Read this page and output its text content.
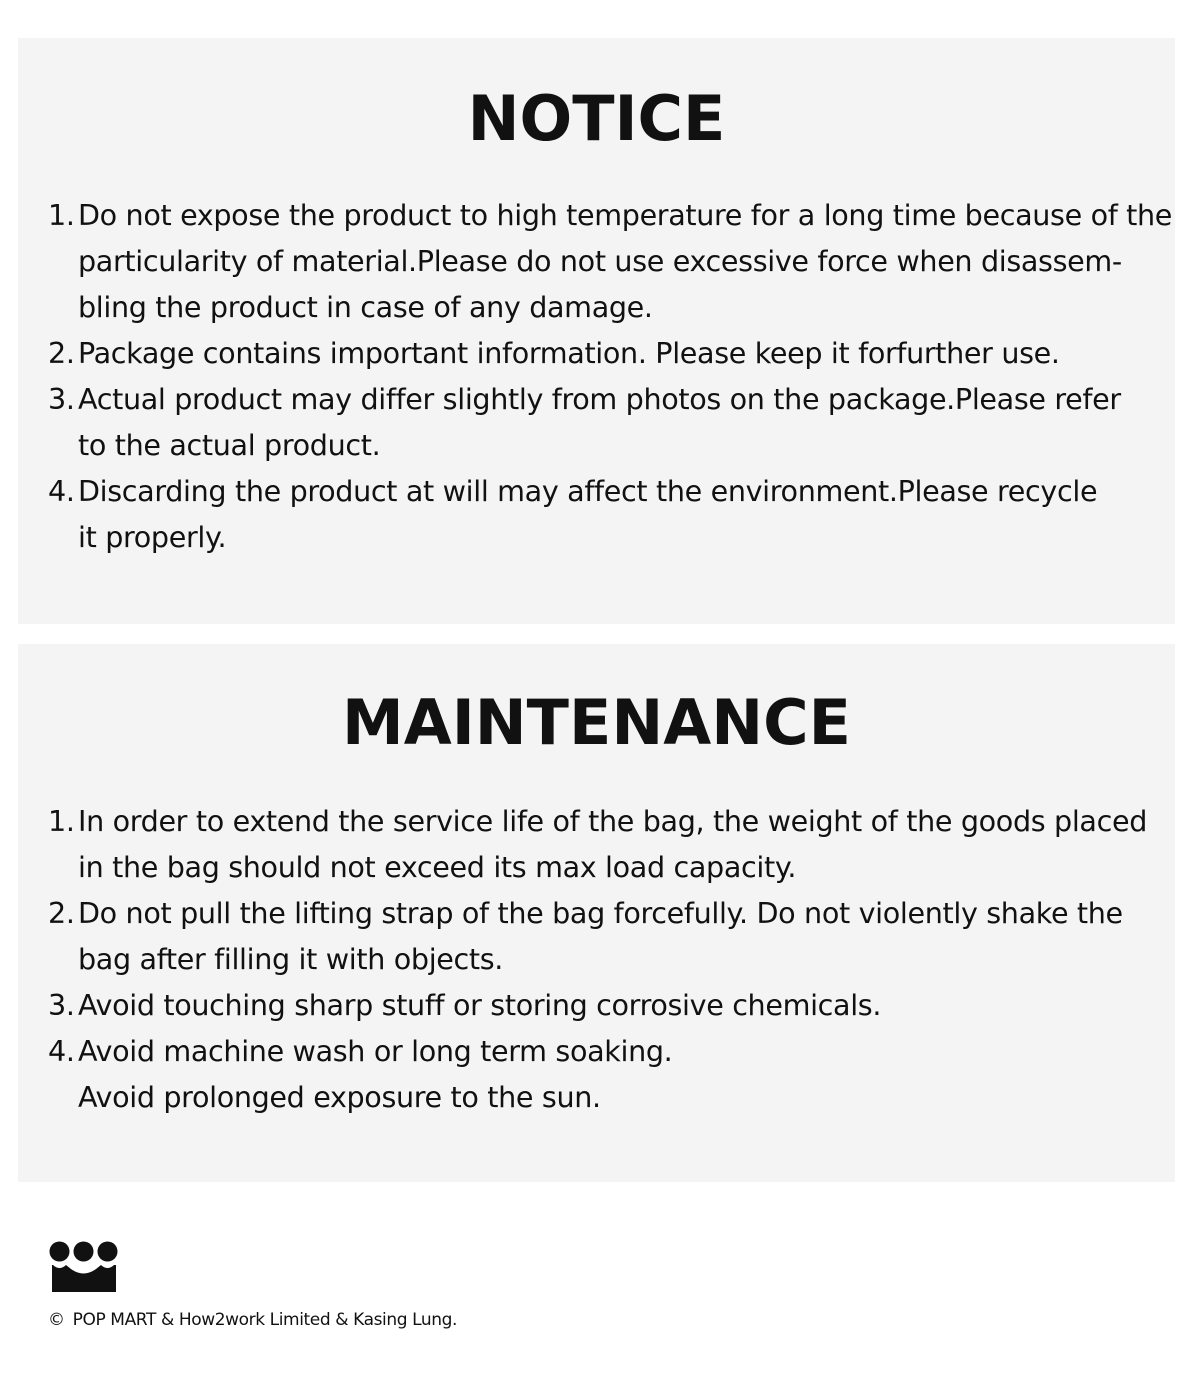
NOTICE
1. Do not expose the product to high temperature for a long time because of the
particularity of material.Please do not use excessive force when disassem-
bling the product in case of any damage.
2. Package contains important information. Please keep it forfurther use.
3. Actual product may differ slightly from photos on the package.Please refer
to the actual product.
4. Discarding the product at will may affect the environment.Please recycle
it properly.
MAINTENANCE
1. In order to extend the service life of the bag, the weight of the goods placed
in the bag should not exceed its max load capacity.
2. Do not pull the lifting strap of the bag forcefully. Do not violently shake the
bag after filling it with objects.
3. Avoid touching sharp stuff or storing corrosive chemicals.
4. Avoid machine wash or long term soaking.
Avoid prolonged exposure to the sun.
© POP MART & How2work Limited & Kasing Lung.
